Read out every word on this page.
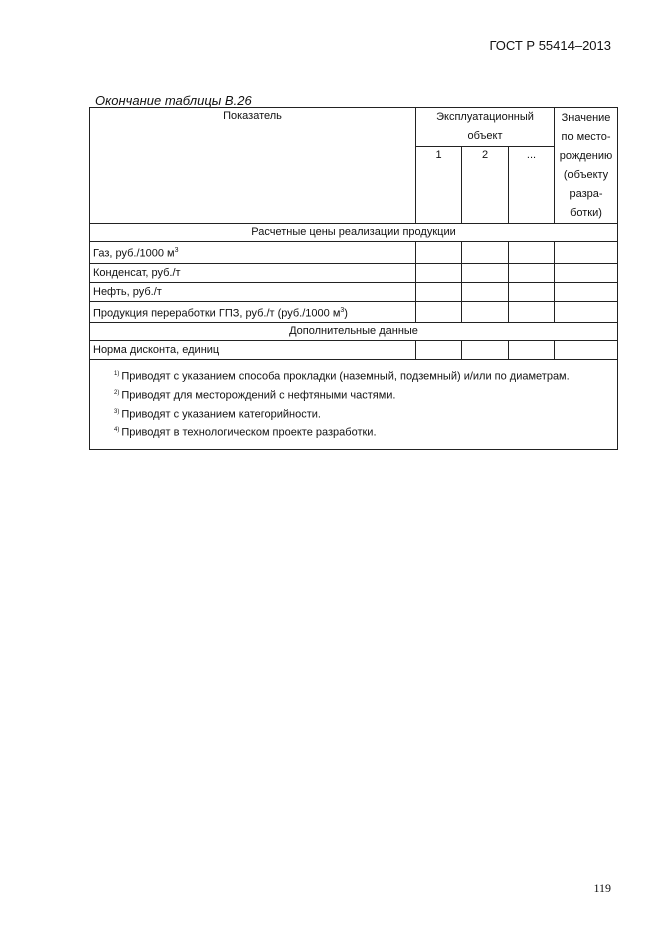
ГОСТ Р 55414–2013
Окончание таблицы В.26
Показатель	Эксплуатационный объект			Значение по место-рождению (объекту разра-ботки)
	1	2	...	
Расчетные цены реализации продукции				
Газ, руб./1000 $м^3$				
Конденсат, руб./т				
Нефть, руб./т				
Продукция переработки ГПЗ, руб./т (руб./1000 $м^3$)				
Дополнительные данные				
Норма дисконта, единиц				

$^{1)}$ Приводят с указанием способа прокладки (наземный, подземный) и/или по диаметрам.
$^{2)}$ Приводят для месторождений с нефтяными частями.
$^{3)}$ Приводят с указанием категорийности.
$^{4)}$ Приводят в технологическом проекте разработки.				
119
